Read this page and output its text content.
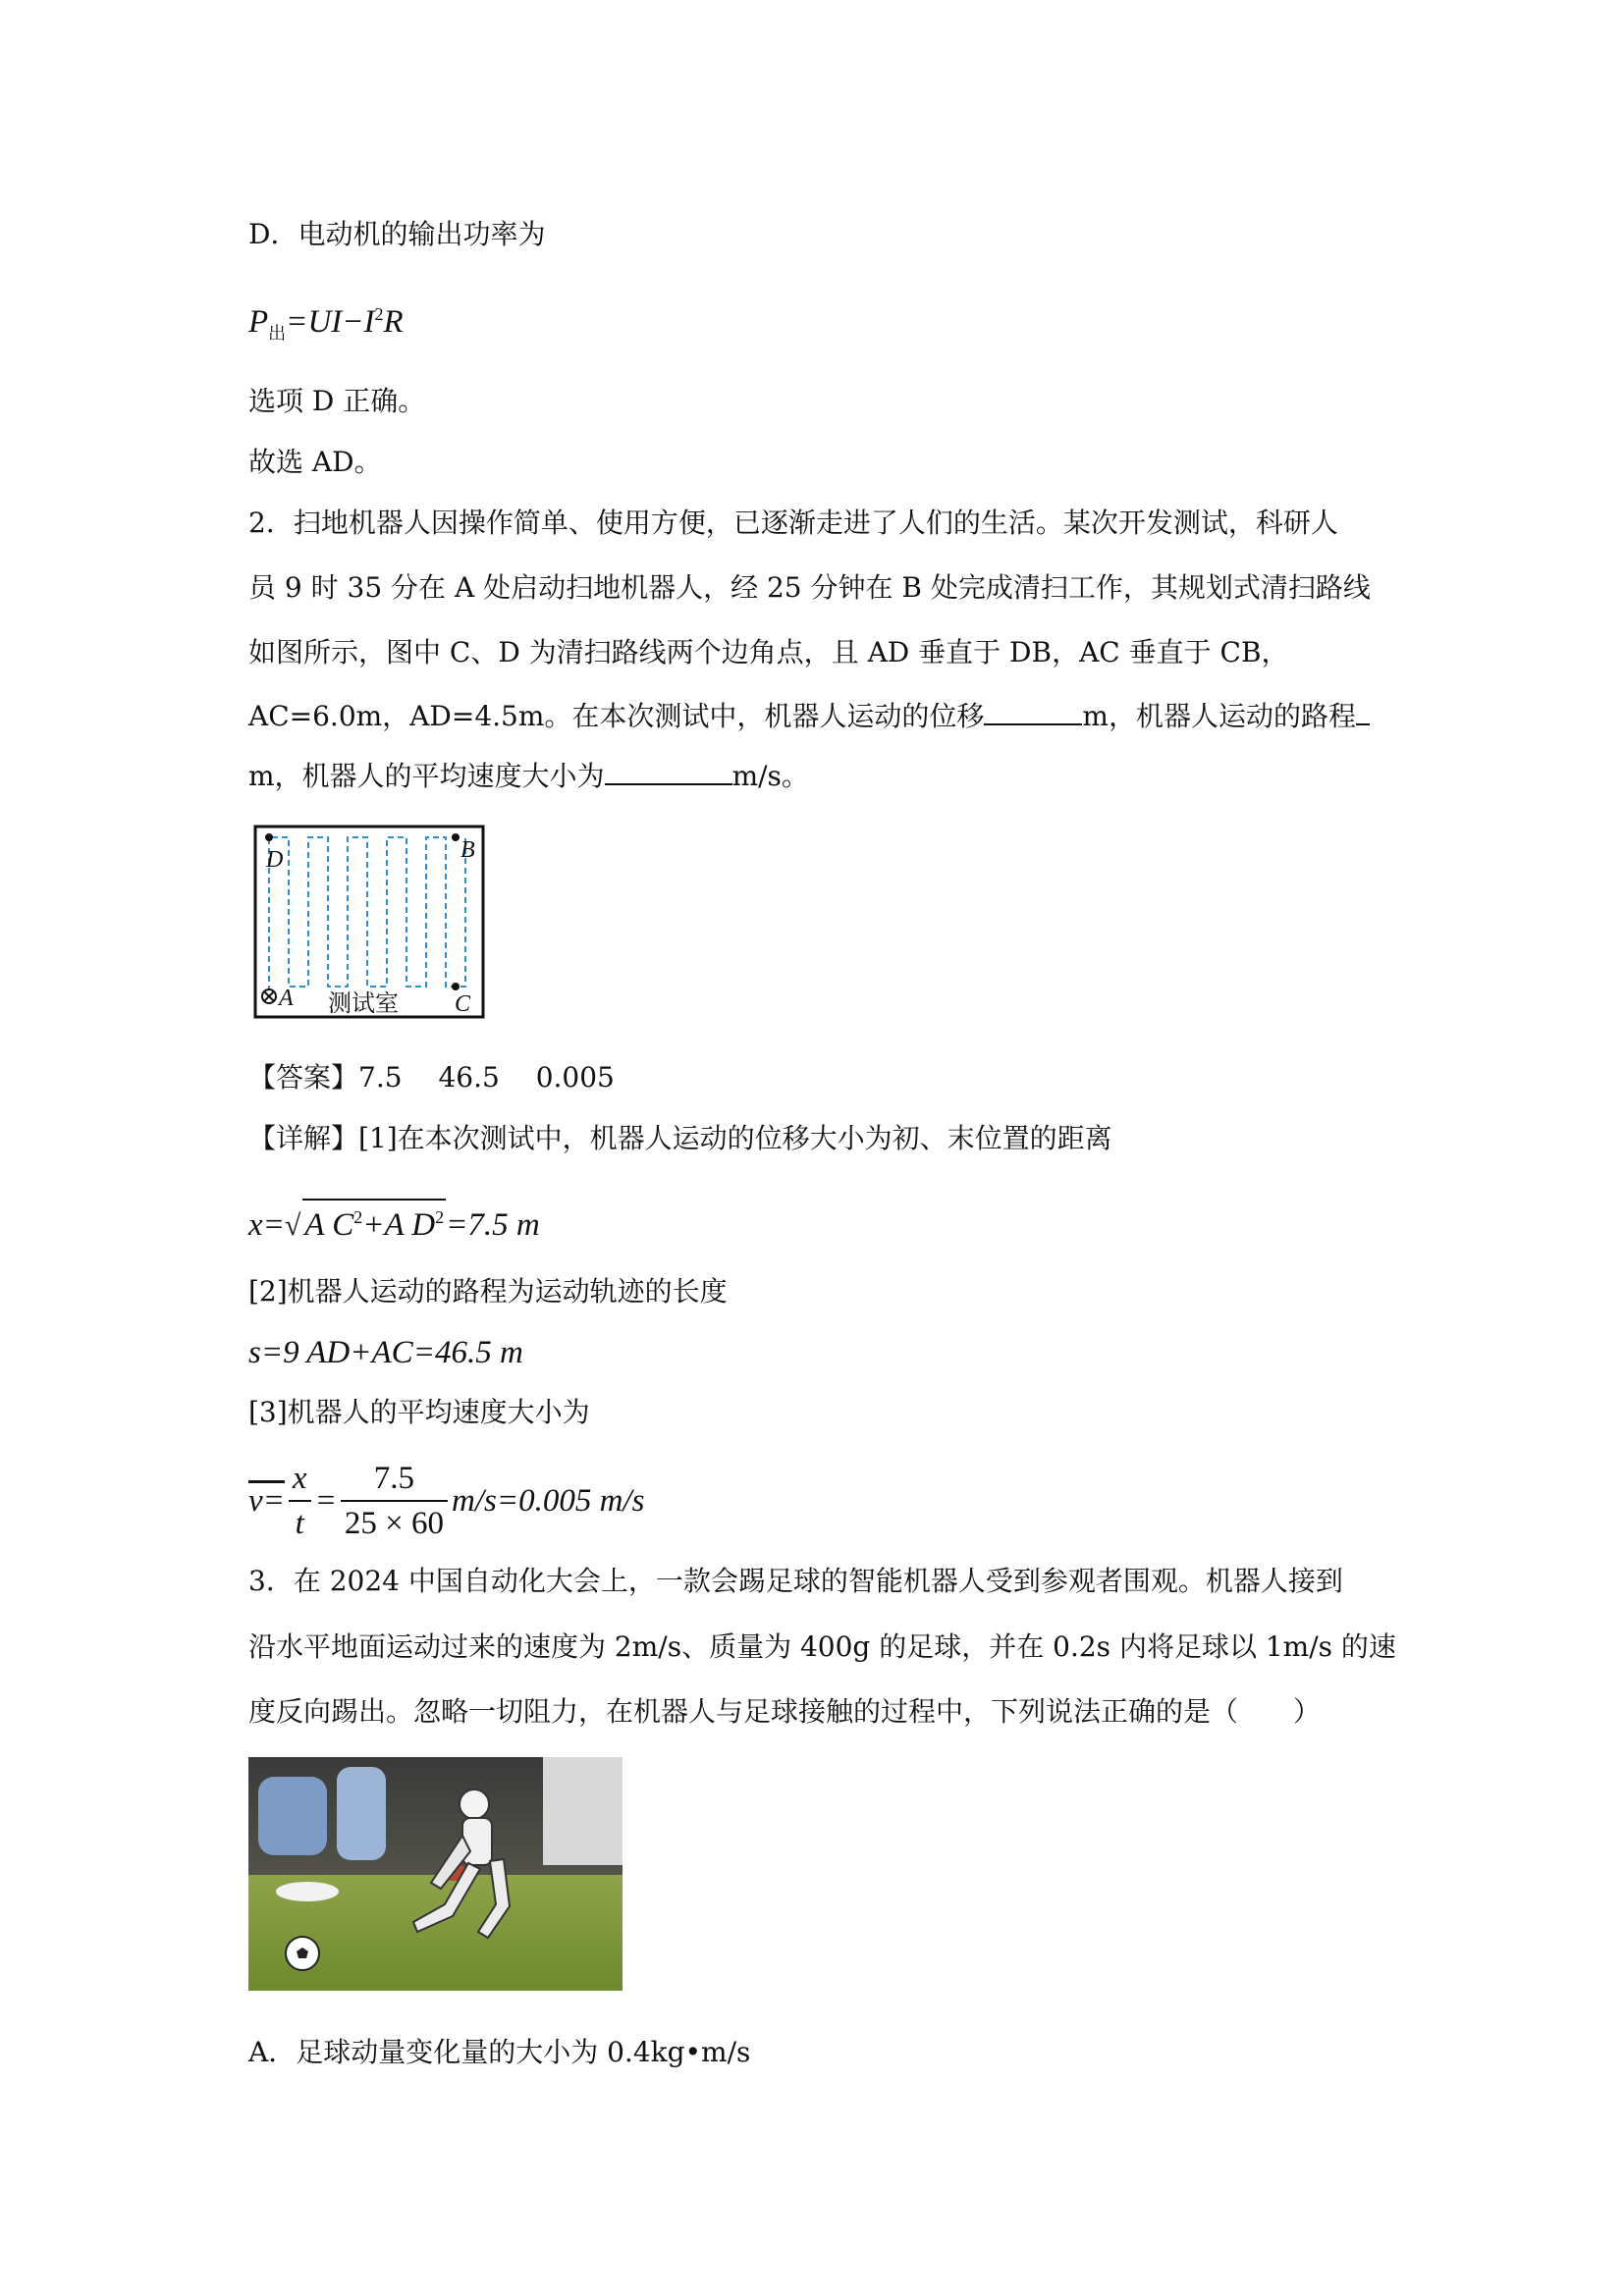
D．电动机的输出功率为
$P_出=UI-I^2R$
选项 D 正确。
故选 AD。
2．扫地机器人因操作简单、使用方便，已逐渐走进了人们的生活。某次开发测试，科研人
员 9 时 35 分在 A 处启动扫地机器人，经 25 分钟在 B 处完成清扫工作，其规划式清扫路线
如图所示，图中 C、D 为清扫路线两个边角点，且 AD 垂直于 DB，AC 垂直于 CB，
AC=6.0m，AD=4.5m。在本次测试中，机器人运动的位移	m，机器人运动的路程
m，机器人的平均速度大小为	m/s。
D	B
A	C
测试室
【答案】7.5　 46.5　 0.005
【详解】[1]在本次测试中，机器人运动的位移大小为初、末位置的距离
x=√ A $C^2+A$ $D^2=7.5$ m
[2]机器人运动的路程为运动轨迹的长度
s=9 AD+AC=46.5 m
[3]机器人的平均速度大小为
$v= \frac{x}{t} = \frac{7.5}{25 \times 60} m/s=0.005$ m/s
3．在 2024 中国自动化大会上，一款会踢足球的智能机器人受到参观者围观。机器人接到
沿水平地面运动过来的速度为 2m/s、质量为 400g 的足球，并在 0.2s 内将足球以 1m/s 的速
度反向踢出。忽略一切阻力，在机器人与足球接触的过程中，下列说法正确的是（　　）
A．足球动量变化量的大小为 0.4kg•m/s
